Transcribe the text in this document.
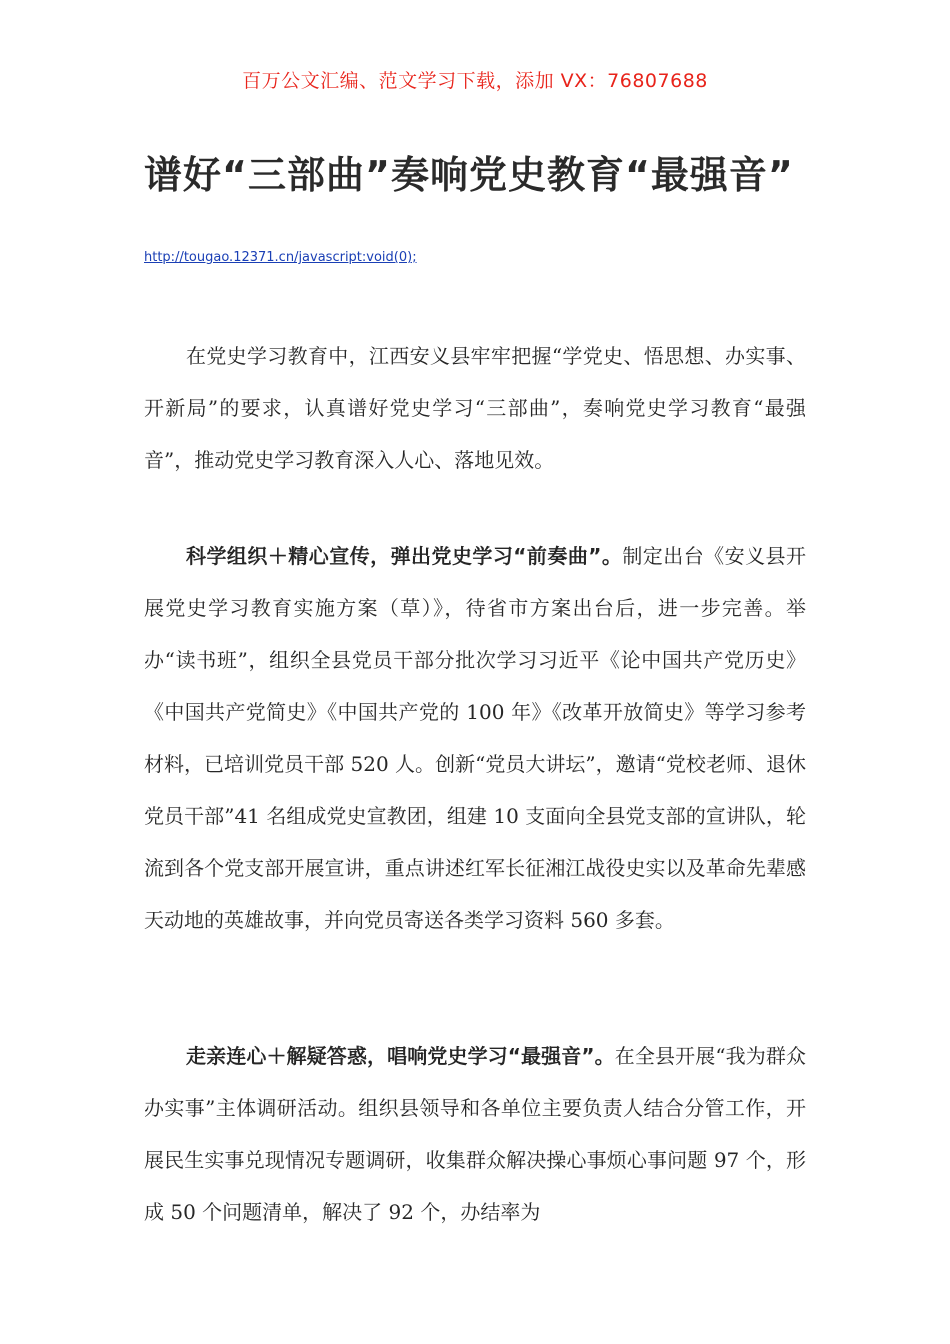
百万公文汇编、范文学习下载，添加 VX：76807688
谱好“三部曲”奏响党史教育“最强音”
http://tougao.12371.cn/javascript:void(0);
在党史学习教育中，江西安义县牢牢把握“学党史、悟思想、办实事、开新局”的要求，认真谱好党史学习“三部曲”，奏响党史学习教育“最强音”，推动党史学习教育深入人心、落地见效。
科学组织＋精心宣传，弹出党史学习“前奏曲”。制定出台《安义县开展党史学习教育实施方案（草）》，待省市方案出台后，进一步完善。举办“读书班”，组织全县党员干部分批次学习习近平《论中国共产党历史》《中国共产党简史》《中国共产党的 100 年》《改革开放简史》等学习参考材料，已培训党员干部 520 人。创新“党员大讲坛”，邀请“党校老师、退休党员干部”41 名组成党史宣教团，组建 10 支面向全县党支部的宣讲队，轮流到各个党支部开展宣讲，重点讲述红军长征湘江战役史实以及革命先辈感天动地的英雄故事，并向党员寄送各类学习资料 560 多套。
走亲连心＋解疑答惑，唱响党史学习“最强音”。在全县开展“我为群众办实事”主体调研活动。组织县领导和各单位主要负责人结合分管工作，开展民生实事兑现情况专题调研，收集群众解决操心事烦心事问题 97 个，形成 50 个问题清单，解决了 92 个，办结率为
